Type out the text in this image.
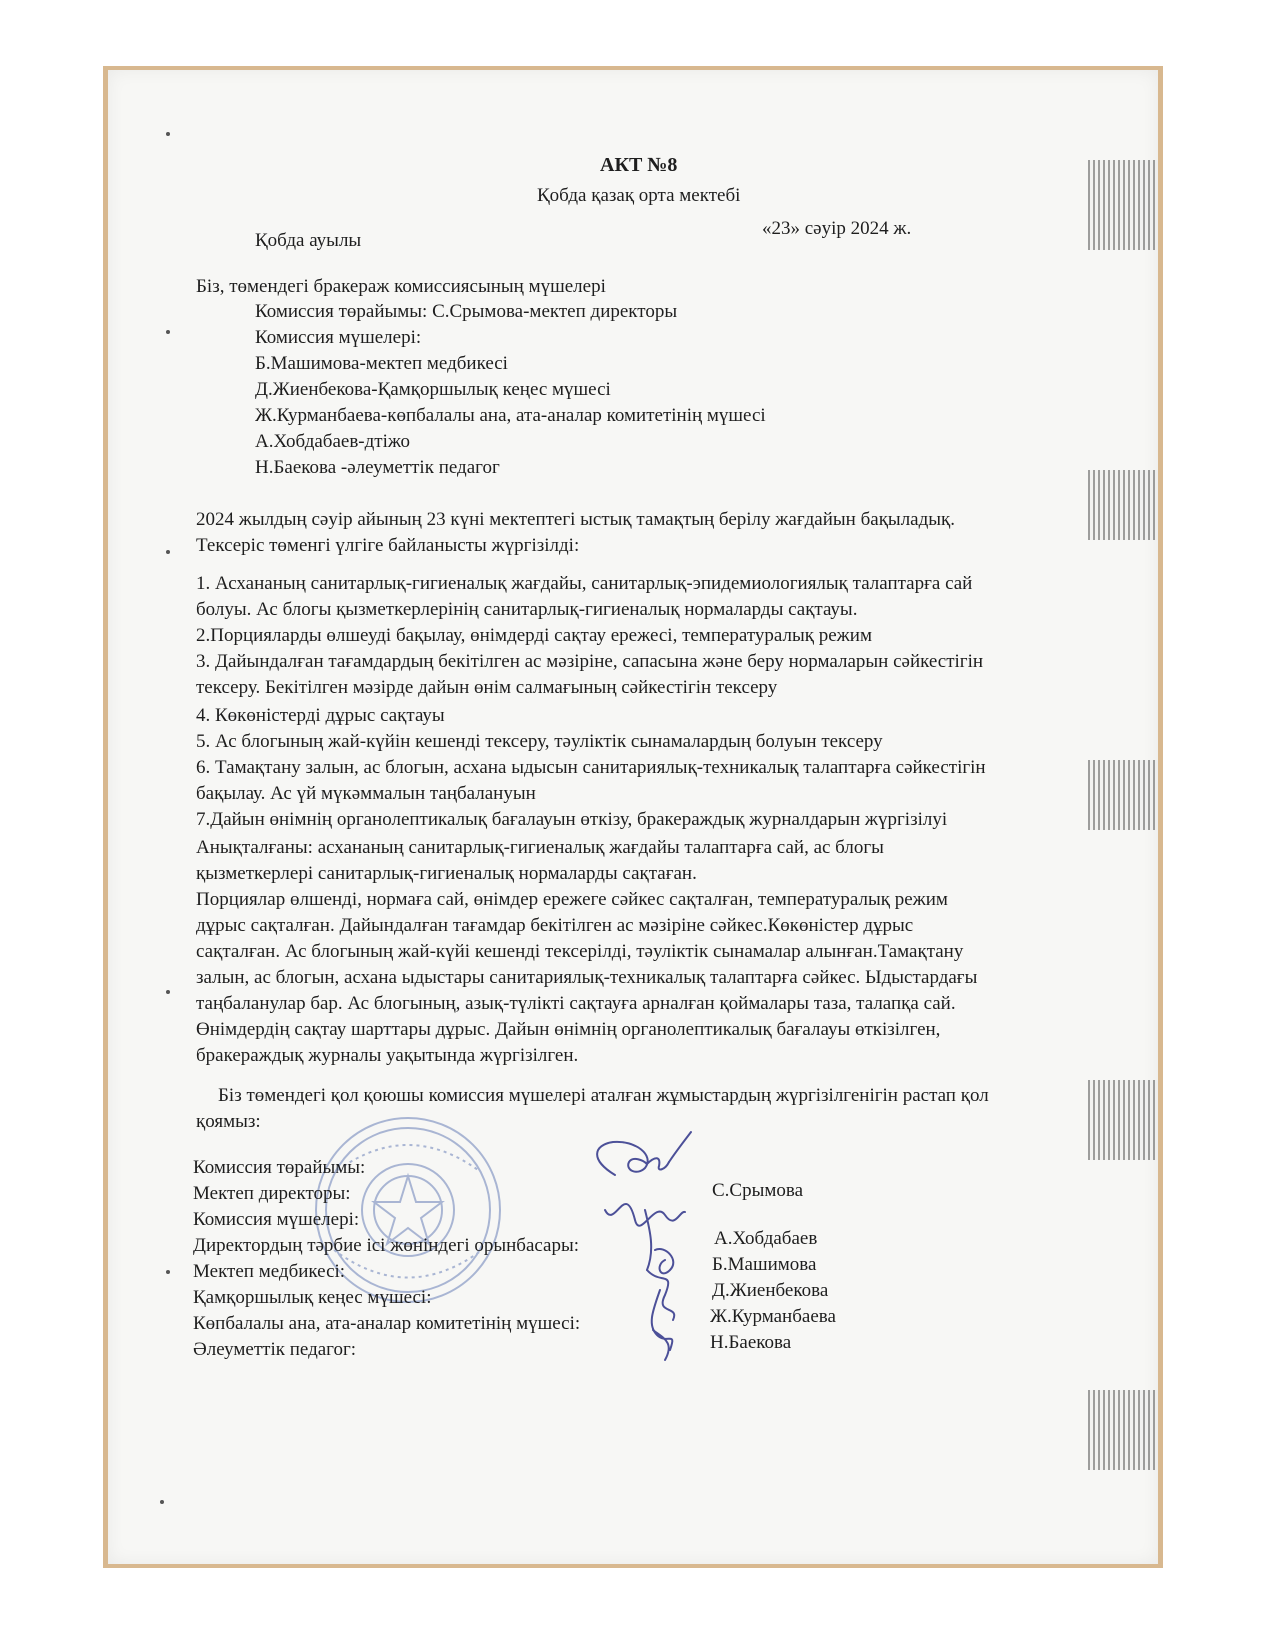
АКТ №8
Қобда қазақ орта мектебі
Қобда ауылы
«23» сәуір 2024 ж.
Біз, төмендегі бракераж комиссиясының мүшелері
Комиссия төрайымы: С.Срымова-мектеп директоры
Комиссия мүшелері:
Б.Машимова-мектеп медбикесі
Д.Жиенбекова-Қамқоршылық кеңес мүшесі
Ж.Курманбаева-көпбалалы ана, ата-аналар комитетінің мүшесі
А.Хобдабаев-дтіжо
Н.Баекова -әлеуметтік педагог
2024 жылдың сәуір айының 23 күні мектептегі ыстық тамақтың берілу жағдайын бақыладық.
Тексеріс төменгі үлгіге байланысты жүргізілді:
1. Асхананың санитарлық-гигиеналық жағдайы, санитарлық-эпидемиологиялық талаптарға сай
болуы. Ас блогы қызметкерлерінің санитарлық-гигиеналық нормаларды сақтауы.
2.Порцияларды өлшеуді бақылау, өнімдерді сақтау ережесі, температуралық режим
3. Дайындалған тағамдардың бекітілген ас мәзіріне, сапасына және беру нормаларын сәйкестігін
тексеру. Бекітілген мәзірде дайын өнім салмағының сәйкестігін тексеру
4. Көкөністерді дұрыс сақтауы
5. Ас блогының жай-күйін кешенді тексеру, тәуліктік сынамалардың болуын тексеру
6. Тамақтану залын, ас блогын, асхана ыдысын санитариялық-техникалық талаптарға сәйкестігін
бақылау. Ас үй мүкәммалын таңбалануын
7.Дайын өнімнің органолептикалық бағалауын өткізу, бракераждық журналдарын жүргізілуі
Анықталғаны: асхананың санитарлық-гигиеналық жағдайы талаптарға сай, ас блогы
қызметкерлері санитарлық-гигиеналық нормаларды сақтаған.
Порциялар өлшенді, нормаға сай, өнімдер ережеге сәйкес сақталған, температуралық режим
дұрыс сақталған. Дайындалған тағамдар бекітілген ас мәзіріне сәйкес.Көкөністер дұрыс
сақталған. Ас блогының жай-күйі кешенді тексерілді, тәуліктік сынамалар алынған.Тамақтану
залын, ас блогын, асхана ыдыстары санитариялық-техникалық талаптарға сәйкес. Ыдыстардағы
таңбаланулар бар. Ас блогының, азық-түлікті сақтауға арналған қоймалары таза, талапқа сай.
Өнімдердің сақтау шарттары дұрыс. Дайын өнімнің органолептикалық бағалауы өткізілген,
бракераждық журналы уақытында жүргізілген.
Біз төмендегі қол қоюшы комиссия мүшелері аталған жұмыстардың жүргізілгенігін растап қол
қоямыз:
Комиссия төрайымы:
Мектеп директоры:
Комиссия мүшелері:
Директордың тәрбие ісі жөніндегі орынбасары:
Мектеп медбикесі:
Қамқоршылық кеңес мүшесі:
Көпбалалы ана, ата-аналар комитетінің мүшесі:
Әлеуметтік педагог:
С.Срымова
А.Хобдабаев
Б.Машимова
Д.Жиенбекова
Ж.Курманбаева
Н.Баекова
